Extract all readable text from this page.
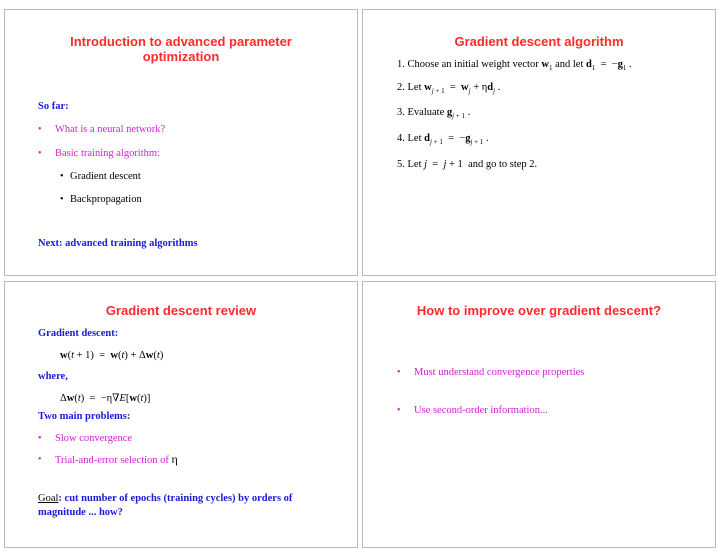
Introduction to advanced parameter
optimization
So far:
• What is a neural network?
• Basic training algorithm:
• Gradient descent
• Backpropagation
Next: advanced training algorithms
Gradient descent algorithm
1. Choose an initial weight vector $w_1$ and let $d_1 = -g_1$ .
2. Let $w_{j + 1} = w_j + \eta d_j$ .
3. Evaluate $g_{j + 1}$ .
4. Let $d_{j + 1} = -g_{j + 1}$ .
5. Let j  =  j + 1  and go to step 2.
Gradient descent review
Gradient descent:
w(t + 1)  =  w(t) + Δw(t)
where,
Δw(t)  =  −η∇E[w(t)]
Two main problems:
• Slow convergence
• Trial-and-error selection of η
Goal: cut number of epochs (training cycles) by orders of
magnitude ... how?
How to improve over gradient descent?
• Must understand convergence properties
• Use second-order information...
